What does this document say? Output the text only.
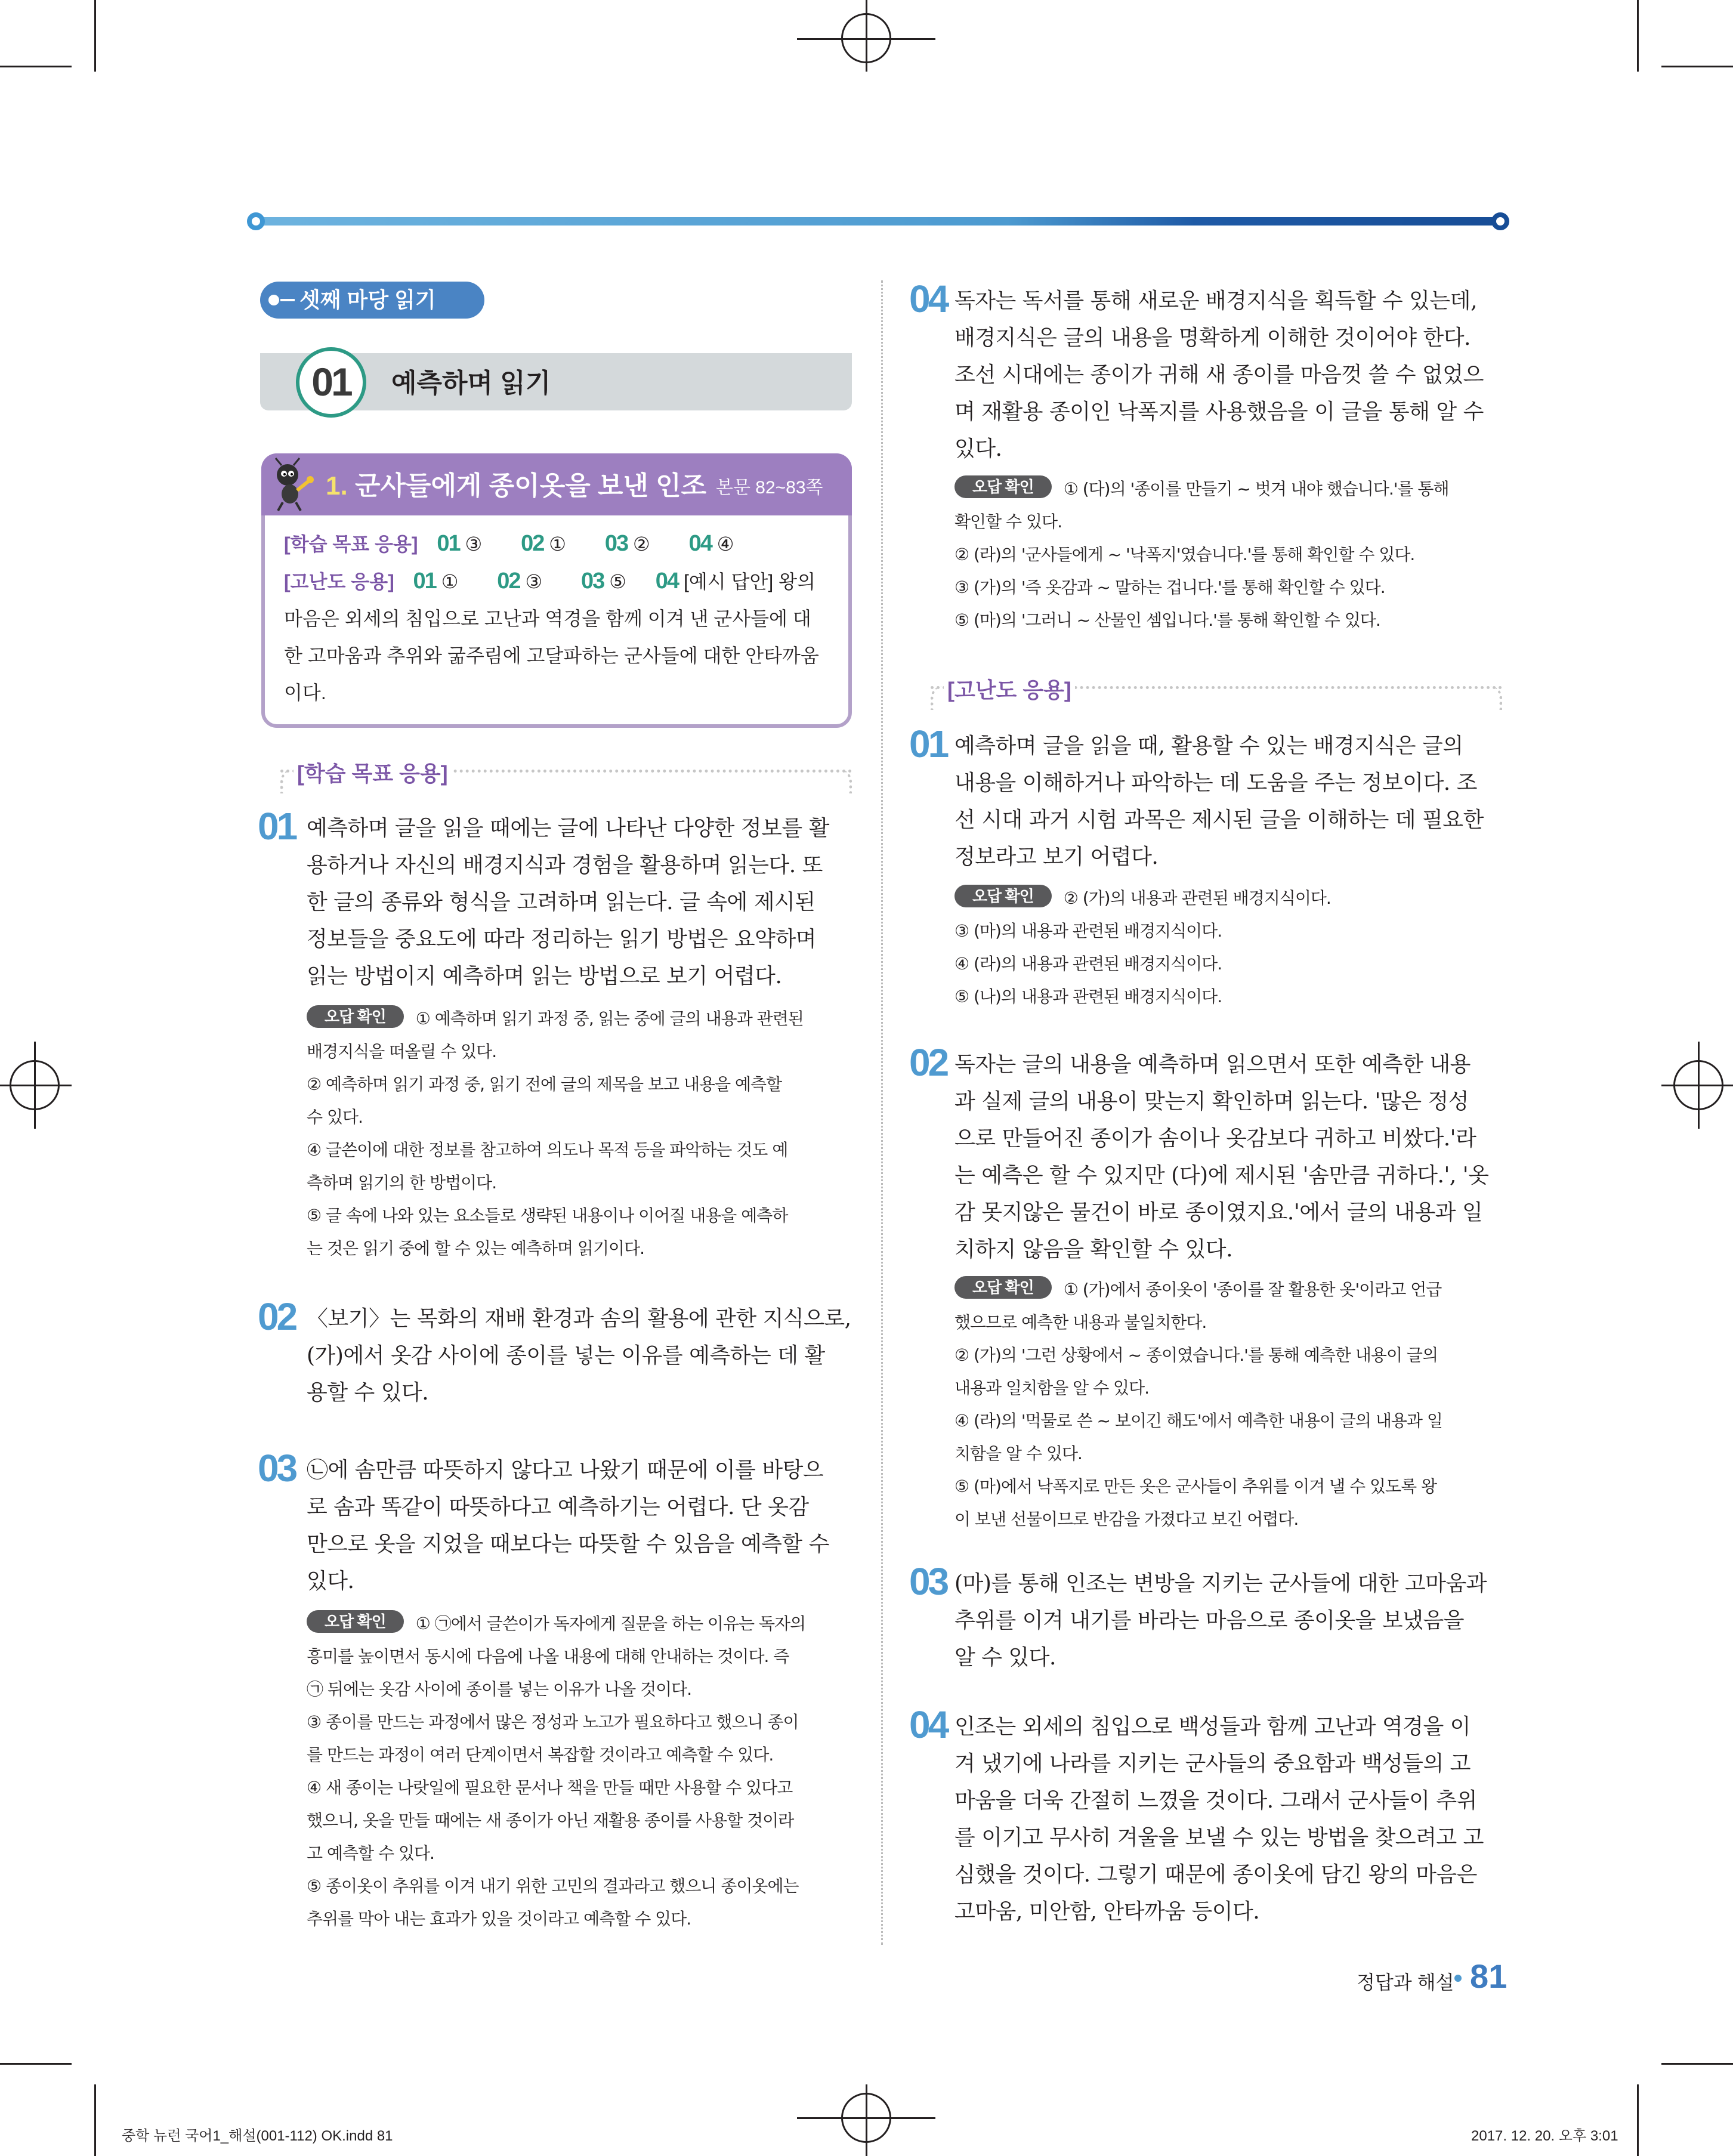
셋째 마당 읽기
01	예측하며 읽기
1. 군사들에게 종이옷을 보낸 인조 본문 82~83쪽
[학습 목표 응용] 01 ③ 02 ① 03 ② 04 ④
[고난도 응용] 01 ① 02 ③ 03 ⑤ 04 [예시 답안] 왕의
마음은 외세의 침입으로 고난과 역경을 함께 이겨 낸 군사들에 대
한 고마움과 추위와 굶주림에 고달파하는 군사들에 대한 안타까움
이다.
[학습 목표 응용]
01 예측하며 글을 읽을 때에는 글에 나타난 다양한 정보를 활
용하거나 자신의 배경지식과 경험을 활용하며 읽는다. 또
한 글의 종류와 형식을 고려하며 읽는다. 글 속에 제시된
정보들을 중요도에 따라 정리하는 읽기 방법은 요약하며
읽는 방법이지 예측하며 읽는 방법으로 보기 어렵다.
오답 확인 ① 예측하며 읽기 과정 중, 읽는 중에 글의 내용과 관련된
배경지식을 떠올릴 수 있다.
② 예측하며 읽기 과정 중, 읽기 전에 글의 제목을 보고 내용을 예측할
수 있다.
④ 글쓴이에 대한 정보를 참고하여 의도나 목적 등을 파악하는 것도 예
측하며 읽기의 한 방법이다.
⑤ 글 속에 나와 있는 요소들로 생략된 내용이나 이어질 내용을 예측하
는 것은 읽기 중에 할 수 있는 예측하며 읽기이다.
02 〈보기〉는 목화의 재배 환경과 솜의 활용에 관한 지식으로,
(가)에서 옷감 사이에 종이를 넣는 이유를 예측하는 데 활
용할 수 있다.
03 ㉡에 솜만큼 따뜻하지 않다고 나왔기 때문에 이를 바탕으
로 솜과 똑같이 따뜻하다고 예측하기는 어렵다. 단 옷감
만으로 옷을 지었을 때보다는 따뜻할 수 있음을 예측할 수
있다.
오답 확인 ① ㉠에서 글쓴이가 독자에게 질문을 하는 이유는 독자의
흥미를 높이면서 동시에 다음에 나올 내용에 대해 안내하는 것이다. 즉
㉠ 뒤에는 옷감 사이에 종이를 넣는 이유가 나올 것이다.
③ 종이를 만드는 과정에서 많은 정성과 노고가 필요하다고 했으니 종이
를 만드는 과정이 여러 단계이면서 복잡할 것이라고 예측할 수 있다.
④ 새 종이는 나랏일에 필요한 문서나 책을 만들 때만 사용할 수 있다고
했으니, 옷을 만들 때에는 새 종이가 아닌 재활용 종이를 사용할 것이라
고 예측할 수 있다.
⑤ 종이옷이 추위를 이겨 내기 위한 고민의 결과라고 했으니 종이옷에는
추위를 막아 내는 효과가 있을 것이라고 예측할 수 있다.
04 독자는 독서를 통해 새로운 배경지식을 획득할 수 있는데,
배경지식은 글의 내용을 명확하게 이해한 것이어야 한다.
조선 시대에는 종이가 귀해 새 종이를 마음껏 쓸 수 없었으
며 재활용 종이인 낙폭지를 사용했음을 이 글을 통해 알 수
있다.
오답 확인 ① (다)의 '종이를 만들기 ~ 벗겨 내야 했습니다.'를 통해
확인할 수 있다.
② (라)의 '군사들에게 ~ '낙폭지'였습니다.'를 통해 확인할 수 있다.
③ (가)의 '즉 옷감과 ~ 말하는 겁니다.'를 통해 확인할 수 있다.
⑤ (마)의 '그러니 ~ 산물인 셈입니다.'를 통해 확인할 수 있다.
[고난도 응용]
01 예측하며 글을 읽을 때, 활용할 수 있는 배경지식은 글의
내용을 이해하거나 파악하는 데 도움을 주는 정보이다. 조
선 시대 과거 시험 과목은 제시된 글을 이해하는 데 필요한
정보라고 보기 어렵다.
오답 확인 ② (가)의 내용과 관련된 배경지식이다.
③ (마)의 내용과 관련된 배경지식이다.
④ (라)의 내용과 관련된 배경지식이다.
⑤ (나)의 내용과 관련된 배경지식이다.
02 독자는 글의 내용을 예측하며 읽으면서 또한 예측한 내용
과 실제 글의 내용이 맞는지 확인하며 읽는다. '많은 정성
으로 만들어진 종이가 솜이나 옷감보다 귀하고 비쌌다.'라
는 예측은 할 수 있지만 (다)에 제시된 '솜만큼 귀하다.', '옷
감 못지않은 물건이 바로 종이였지요.'에서 글의 내용과 일
치하지 않음을 확인할 수 있다.
오답 확인 ① (가)에서 종이옷이 '종이를 잘 활용한 옷'이라고 언급
했으므로 예측한 내용과 불일치한다.
② (가)의 '그런 상황에서 ~ 종이였습니다.'를 통해 예측한 내용이 글의
내용과 일치함을 알 수 있다.
④ (라)의 '먹물로 쓴 ~ 보이긴 해도'에서 예측한 내용이 글의 내용과 일
치함을 알 수 있다.
⑤ (마)에서 낙폭지로 만든 옷은 군사들이 추위를 이겨 낼 수 있도록 왕
이 보낸 선물이므로 반감을 가졌다고 보긴 어렵다.
03 (마)를 통해 인조는 변방을 지키는 군사들에 대한 고마움과
추위를 이겨 내기를 바라는 마음으로 종이옷을 보냈음을
알 수 있다.
04 인조는 외세의 침입으로 백성들과 함께 고난과 역경을 이
겨 냈기에 나라를 지키는 군사들의 중요함과 백성들의 고
마움을 더욱 간절히 느꼈을 것이다. 그래서 군사들이 추위
를 이기고 무사히 겨울을 보낼 수 있는 방법을 찾으려고 고
심했을 것이다. 그렇기 때문에 종이옷에 담긴 왕의 마음은
고마움, 미안함, 안타까움 등이다.
정답과 해설 81
중학 뉴런 국어1_해설(001-112) OK.indd 81	2017. 12. 20. 오후 3:01
